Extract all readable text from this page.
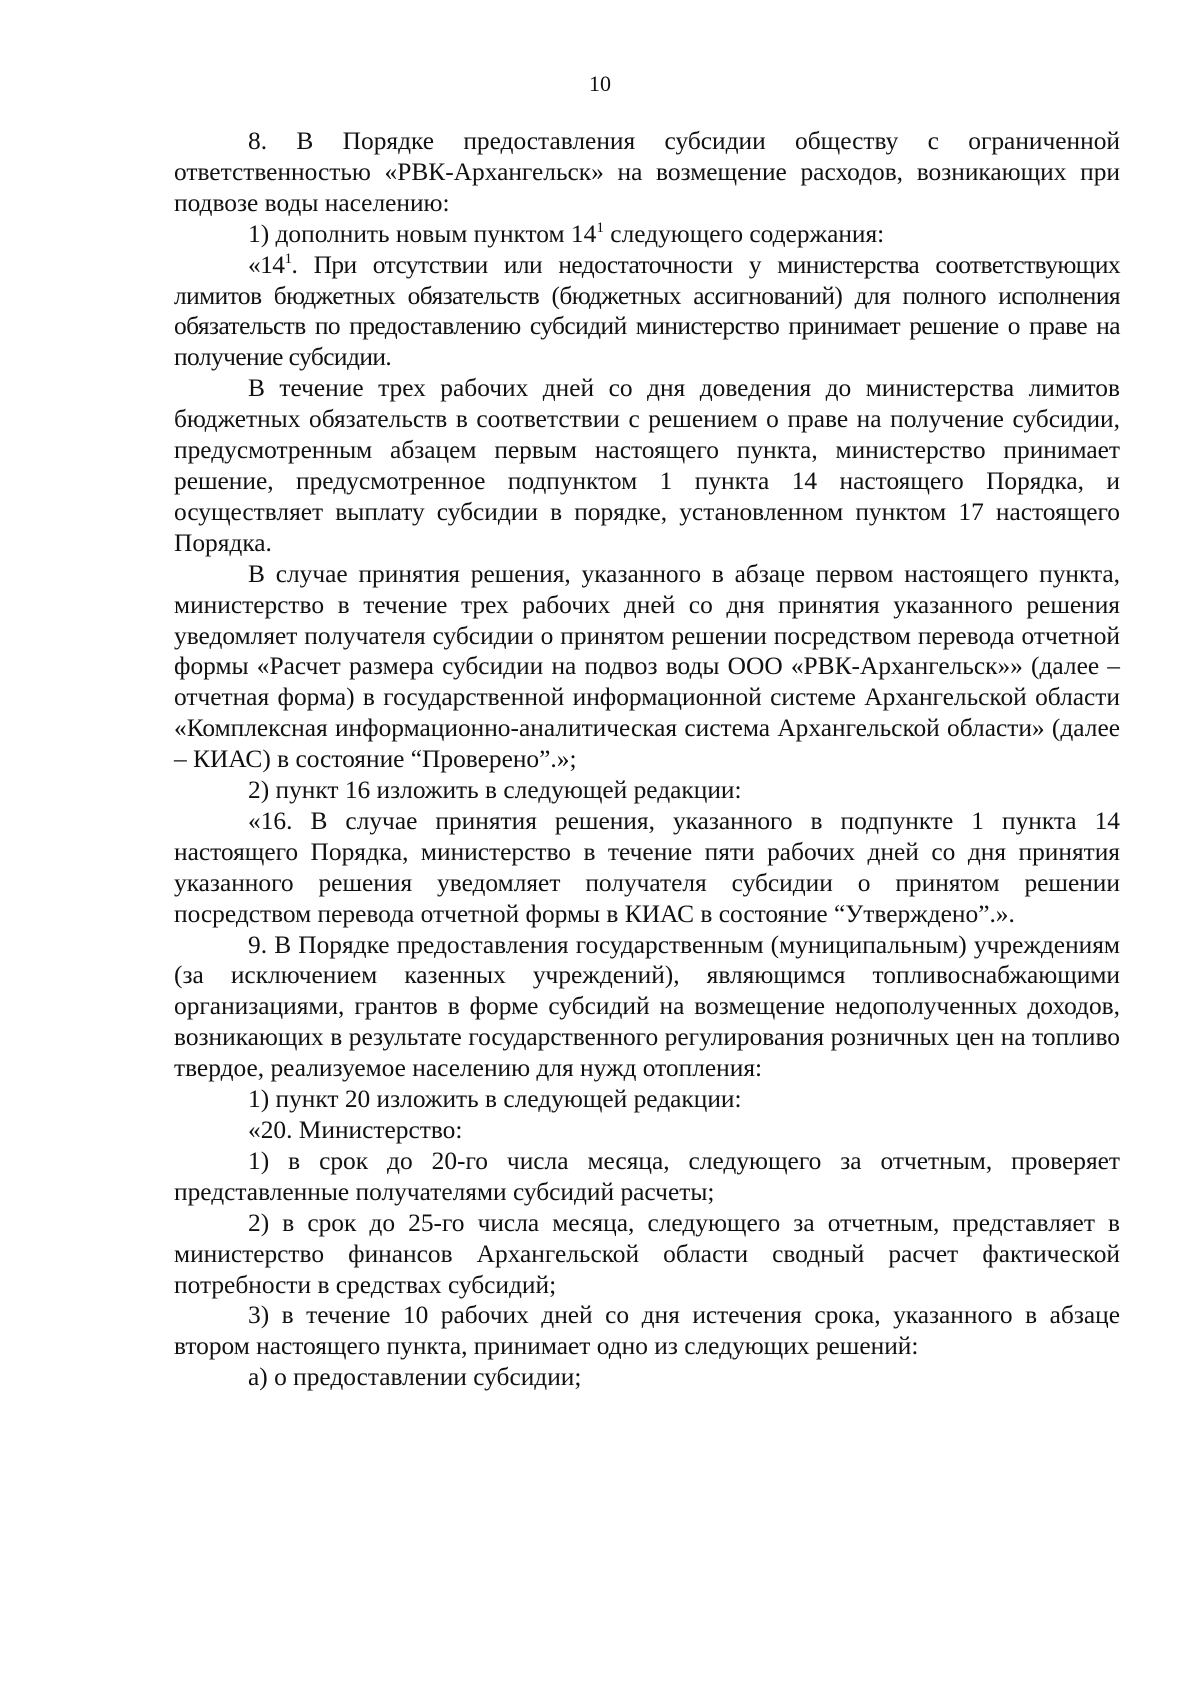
10

8. В Порядке предоставления субсидии обществу с ограниченной ответственностью «РВК-Архангельск» на возмещение расходов, возникающих при подвозе воды населению:

1) дополнить новым пунктом $14^1$ следующего содержания:

«$14^1$. При отсутствии или недостаточности у министерства соответствующих лимитов бюджетных обязательств (бюджетных ассигнований) для полного исполнения обязательств по предоставлению субсидий министерство принимает решение о праве на получение субсидии.

В течение трех рабочих дней со дня доведения до министерства лимитов бюджетных обязательств в соответствии с решением о праве на получение субсидии, предусмотренным абзацем первым настоящего пункта, министерство принимает решение, предусмотренное подпунктом 1 пункта 14 настоящего Порядка, и осуществляет выплату субсидии в порядке, установленном пунктом 17 настоящего Порядка.

В случае принятия решения, указанного в абзаце первом настоящего пункта, министерство в течение трех рабочих дней со дня принятия указанного решения уведомляет получателя субсидии о принятом решении посредством перевода отчетной формы «Расчет размера субсидии на подвоз воды ООО «РВК-Архангельск»» (далее – отчетная форма) в государственной информационной системе Архангельской области «Комплексная информационно-аналитическая система Архангельской области» (далее – КИАС) в состояние “Проверено”.»;

2) пункт 16 изложить в следующей редакции:

«16. В случае принятия решения, указанного в подпункте 1 пункта 14 настоящего Порядка, министерство в течение пяти рабочих дней со дня принятия указанного решения уведомляет получателя субсидии о принятом решении посредством перевода отчетной формы в КИАС в состояние “Утверждено”.».

9. В Порядке предоставления государственным (муниципальным) учреждениям (за исключением казенных учреждений), являющимся топливоснабжающими организациями, грантов в форме субсидий на возмещение недополученных доходов, возникающих в результате государственного регулирования розничных цен на топливо твердое, реализуемое населению для нужд отопления:

1) пункт 20 изложить в следующей редакции:

«20. Министерство:

1) в срок до 20-го числа месяца, следующего за отчетным, проверяет представленные получателями субсидий расчеты;

2) в срок до 25-го числа месяца, следующего за отчетным, представляет в министерство финансов Архангельской области сводный расчет фактической потребности в средствах субсидий;

3) в течение 10 рабочих дней со дня истечения срока, указанного в абзаце втором настоящего пункта, принимает одно из следующих решений:

а) о предоставлении субсидии;
